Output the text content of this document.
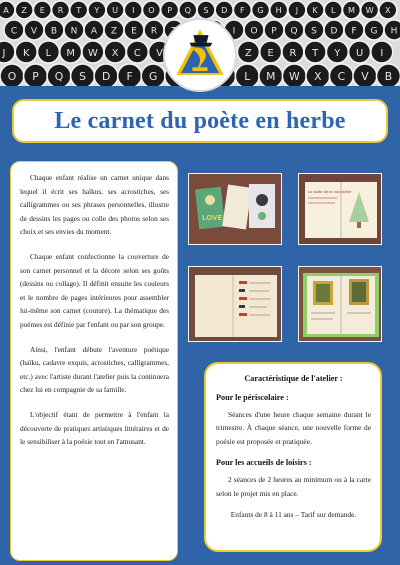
A Z E R T Y U I O P Q S D F G H J K L M W X
C V B N A Z E R	I O P Q S D F G H
J K L M W X C V	Z E R T Y U I
O P Q S D F G	L M W X C V B
Le carnet du poète en herbe

Chaque enfant réalise un carnet unique dans lequel il écrit ses haïkus, ses acrostiches, ses calligrammes ou ses phrases personnelles, illustre de dessins les pages ou colle des photos selon ses choix et ses envies du moment.

Chaque enfant confectionne la couverture de son carnet personnel et la décore selon ses goûts (dessins ou collage). Il définit ensuite les couleurs et le nombre de pages intérieures pour assembler lui-même son carnet (couture). La thématique des poèmes est définie par l'enfant ou par son groupe.

Ainsi, l'enfant débute l'aventure poétique (haïku, cadavre exquis, acrostiches, calligrammes, etc.) avec l'artiste durant l'atelier puis la continuera chez lui en compagnie de sa famille.

L'objectif étant de permettre à l'enfant la découverte de pratiques artistiques littéraires et de le sensibiliser à la poésie tout en l'amusant.

LOVE
La boîte de la coccinelle

Caractéristique de l'atelier :

Pour le périscolaire :

Séances d'une heure chaque semaine durant le trimestre. À chaque séance, une nouvelle forme de poésie est proposée et pratiquée.

Pour les accueils de loisirs :

2 séances de 2 heures au minimum ou à la carte selon le projet mis en place.

Enfants de 8 à 11 ans – Tarif sur demande.
